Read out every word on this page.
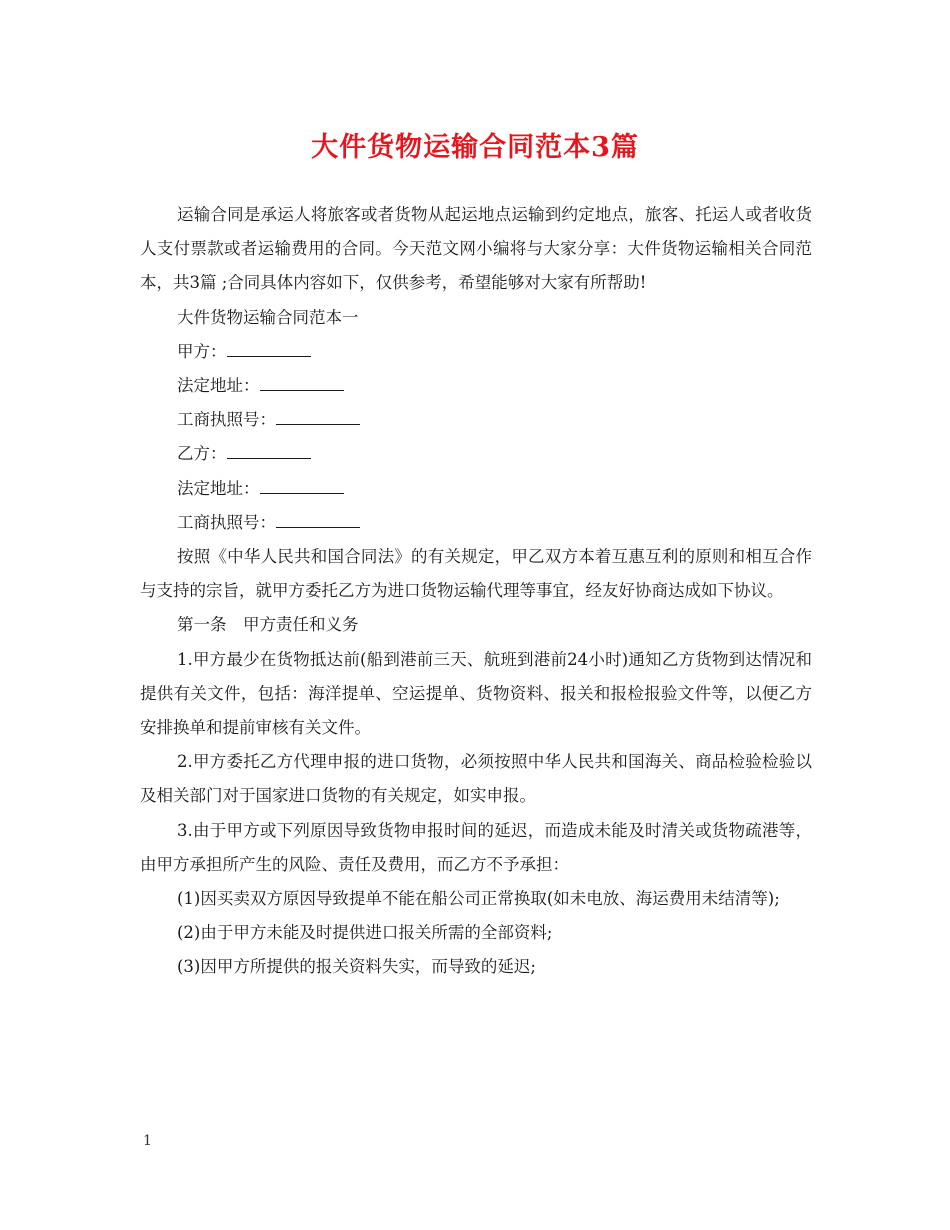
大件货物运输合同范本3篇

运输合同是承运人将旅客或者货物从起运地点运输到约定地点，旅客、托运人或者收货人支付票款或者运输费用的合同。今天范文网小编将与大家分享：大件货物运输相关合同范本，共3篇 ;合同具体内容如下，仅供参考，希望能够对大家有所帮助!

大件货物运输合同范本一

甲方：

法定地址：

工商执照号：

乙方：

法定地址：

工商执照号：

按照《中华人民共和国合同法》的有关规定，甲乙双方本着互惠互利的原则和相互合作与支持的宗旨，就甲方委托乙方为进口货物运输代理等事宜，经友好协商达成如下协议。

第一条　甲方责任和义务

1.甲方最少在货物抵达前(船到港前三天、航班到港前24小时)通知乙方货物到达情况和提供有关文件，包括：海洋提单、空运提单、货物资料、报关和报检报验文件等，以便乙方安排换单和提前审核有关文件。

2.甲方委托乙方代理申报的进口货物，必须按照中华人民共和国海关、商品检验检验以及相关部门对于国家进口货物的有关规定，如实申报。

3.由于甲方或下列原因导致货物申报时间的延迟，而造成未能及时清关或货物疏港等，由甲方承担所产生的风险、责任及费用，而乙方不予承担：

(1)因买卖双方原因导致提单不能在船公司正常换取(如未电放、海运费用未结清等);

(2)由于甲方未能及时提供进口报关所需的全部资料;

(3)因甲方所提供的报关资料失实，而导致的延迟;

1
